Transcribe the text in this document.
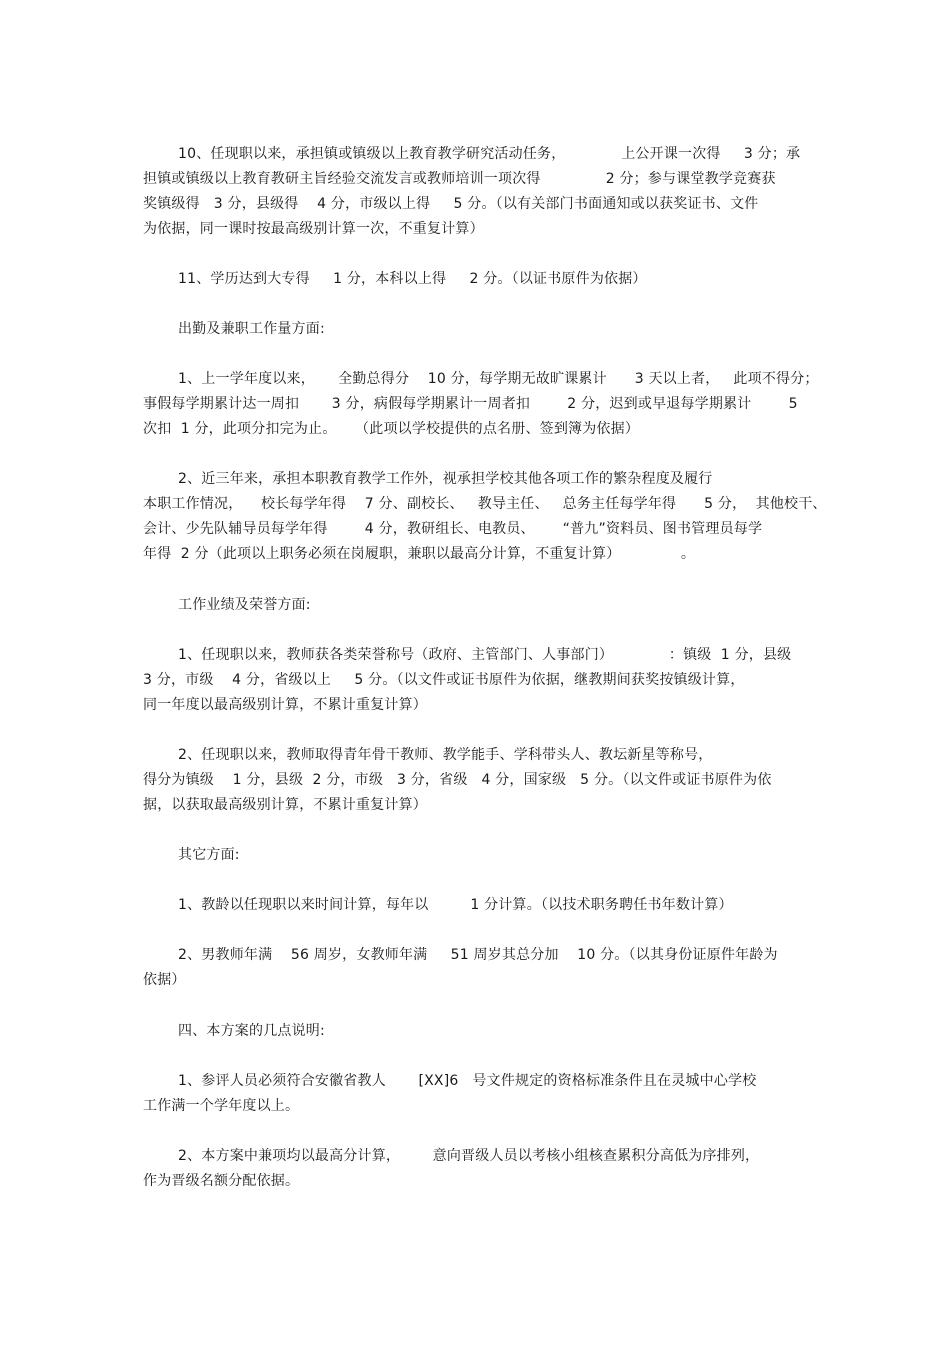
10、任现职以来，承担镇或镇级以上教育教学研究活动任务，            上公开课一次得     3 分；承
担镇或镇级以上教育教研主旨经验交流发言或教师培训一项次得              2 分；参与课堂教学竞赛获
奖镇级得   3 分，县级得    4 分，市级以上得     5 分。（以有关部门书面通知或以获奖证书、文件
为依据，同一课时按最高级别计算一次，不重复计算）
11、学历达到大专得     1 分，本科以上得     2 分。（以证书原件为依据）
出勤及兼职工作量方面:
1、上一学年度以来，     全勤总得分    10 分，每学期无故旷课累计      3 天以上者，   此项不得分；
事假每学期累计达一周扣       3 分，病假每学期累计一周者扣        2 分，迟到或早退每学期累计        5
次扣  1 分，此项分扣完为止。    （此项以学校提供的点名册、签到簿为依据）
2、近三年来，承担本职教育教学工作外，视承担学校其他各项工作的繁杂程度及履行
本职工作情况，    校长每学年得    7 分、副校长、   教导主任、   总务主任每学年得      5 分，  其他校干、
会计、少先队辅导员每学年得        4 分，教研组长、电教员、      “普九”资料员、图书管理员每学
年得  2 分（此项以上职务必须在岗履职，兼职以最高分计算，不重复计算）             。
工作业绩及荣誉方面:
1、任现职以来，教师获各类荣誉称号（政府、主管部门、人事部门）            ：镇级  1 分，县级
3 分，市级    4 分，省级以上     5 分。（以文件或证书原件为依据，继教期间获奖按镇级计算，
同一年度以最高级别计算，不累计重复计算）
2、任现职以来，教师取得青年骨干教师、教学能手、学科带头人、教坛新星等称号，
得分为镇级    1 分，县级  2 分，市级   3 分，省级   4 分，国家级   5 分。（以文件或证书原件为依
据，以获取最高级别计算，不累计重复计算）
其它方面:
1、教龄以任现职以来时间计算，每年以         1 分计算。（以技术职务聘任书年数计算）
2、男教师年满    56 周岁，女教师年满     51 周岁其总分加    10 分。（以其身份证原件年龄为
依据）
四、本方案的几点说明:
1、参评人员必须符合安徽省教人       [XX]6   号文件规定的资格标准条件且在灵城中心学校
工作满一个学年度以上。
2、本方案中兼项均以最高分计算，       意向晋级人员以考核小组核查累积分高低为序排列，
作为晋级名额分配依据。
